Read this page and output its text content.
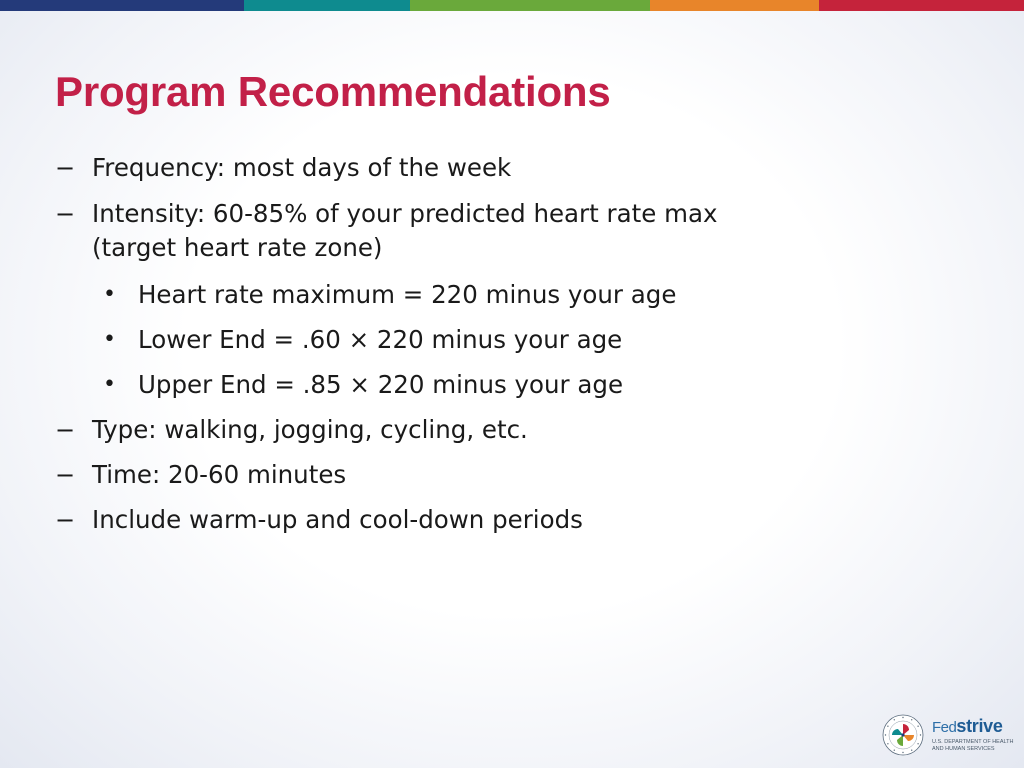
Program Recommendations
− Frequency: most days of the week
− Intensity: 60-85% of your predicted heart rate max
(target heart rate zone)
• Heart rate maximum = 220 minus your age
• Lower End = .60 × 220 minus your age
• Upper End = .85 × 220 minus your age
− Type: walking, jogging, cycling, etc.
− Time: 20-60 minutes
− Include warm-up and cool-down periods
Fedstrive
U.S. DEPARTMENT OF HEALTH
AND HUMAN SERVICES
